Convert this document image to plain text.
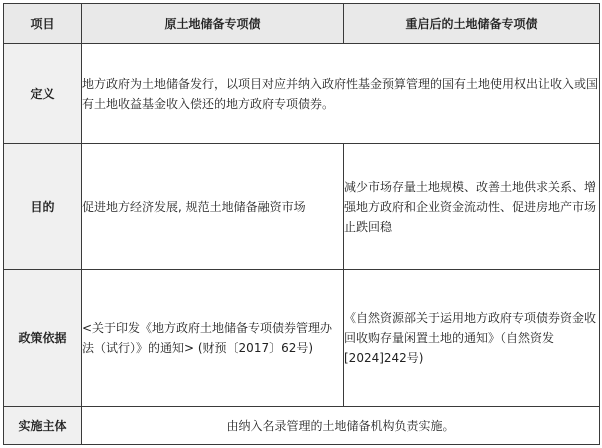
项目	原土地储备专项债	重启后的土地储备专项债
定义	地方政府为土地储备发行，以项目对应并纳入政府性基金预算管理的国有土地使用权出让收入或国有土地收益基金收入偿还的地方政府专项债券。	
目的	促进地方经济发展, 规范土地储备融资市场	减少市场存量土地规模、改善土地供求关系、增强地方政府和企业资金流动性、促进房地产市场止跌回稳
政策依据	<关于印发《地方政府土地储备专项债券管理办法（试行）》的通知> (财预〔2017〕62号)	《自然资源部关于运用地方政府专项债券资金收回收购存量闲置土地的通知》（自然资发[2024]242号)
实施主体	由纳入名录管理的土地储备机构负责实施。	
